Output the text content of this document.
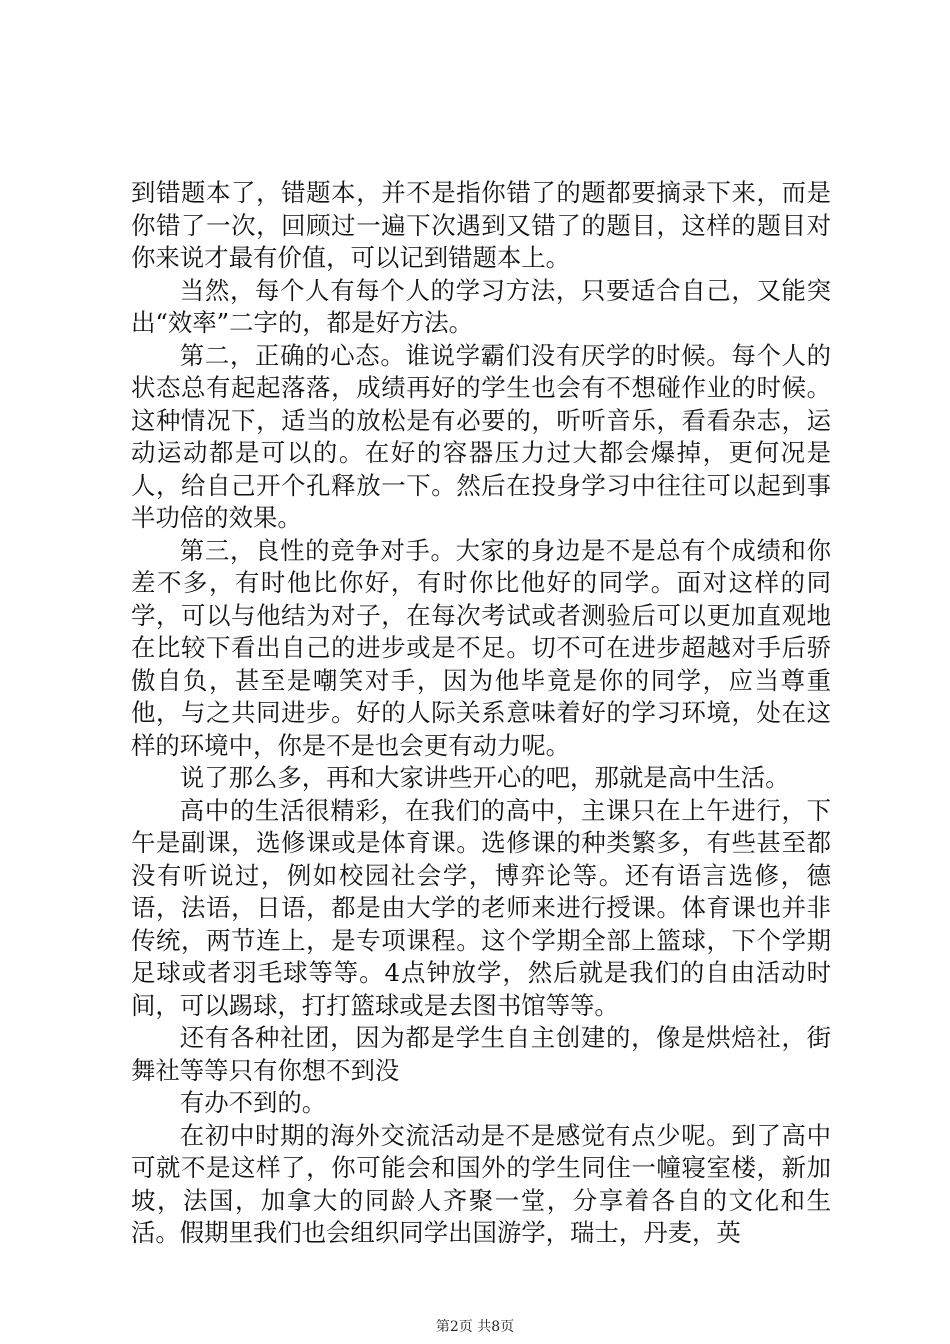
到错题本了，错题本，并不是指你错了的题都要摘录下来，而是你错了一次，回顾过一遍下次遇到又错了的题目，这样的题目对你来说才最有价值，可以记到错题本上。

当然，每个人有每个人的学习方法，只要适合自己，又能突出“效率”二字的，都是好方法。

第二，正确的心态。谁说学霸们没有厌学的时候。每个人的状态总有起起落落，成绩再好的学生也会有不想碰作业的时候。这种情况下，适当的放松是有必要的，听听音乐，看看杂志，运动运动都是可以的。在好的容器压力过大都会爆掉，更何况是人，给自己开个孔释放一下。然后在投身学习中往往可以起到事半功倍的效果。

第三，良性的竞争对手。大家的身边是不是总有个成绩和你差不多，有时他比你好，有时你比他好的同学。面对这样的同学，可以与他结为对子，在每次考试或者测验后可以更加直观地在比较下看出自己的进步或是不足。切不可在进步超越对手后骄傲自负，甚至是嘲笑对手，因为他毕竟是你的同学，应当尊重他，与之共同进步。好的人际关系意味着好的学习环境，处在这样的环境中，你是不是也会更有动力呢。

说了那么多，再和大家讲些开心的吧，那就是高中生活。

高中的生活很精彩，在我们的高中，主课只在上午进行，下午是副课，选修课或是体育课。选修课的种类繁多，有些甚至都没有听说过，例如校园社会学，博弈论等。还有语言选修，德语，法语，日语，都是由大学的老师来进行授课。体育课也并非传统，两节连上，是专项课程。这个学期全部上篮球，下个学期足球或者羽毛球等等。4点钟放学，然后就是我们的自由活动时间，可以踢球，打打篮球或是去图书馆等等。

还有各种社团，因为都是学生自主创建的，像是烘焙社，街舞社等等只有你想不到没

有办不到的。

在初中时期的海外交流活动是不是感觉有点少呢。到了高中可就不是这样了，你可能会和国外的学生同住一幢寝室楼，新加坡，法国，加拿大的同龄人齐聚一堂，分享着各自的文化和生活。假期里我们也会组织同学出国游学，瑞士，丹麦，英

第2页 共8页
